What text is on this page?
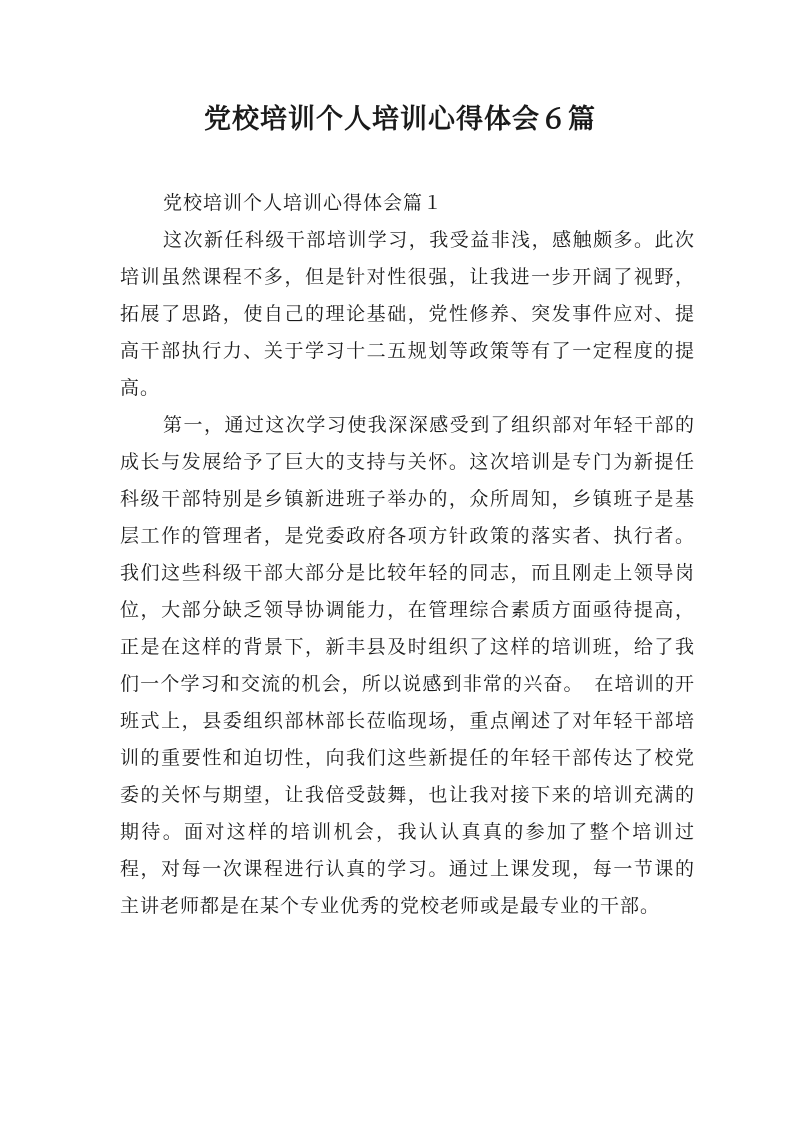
党校培训个人培训心得体会６篇

党校培训个人培训心得体会篇１

这次新任科级干部培训学习，我受益非浅，感触颇多。此次培训虽然课程不多，但是针对性很强，让我进一步开阔了视野，拓展了思路，使自己的理论基础，党性修养、突发事件应对、提高干部执行力、关于学习十二五规划等政策等有了一定程度的提高。

第一，通过这次学习使我深深感受到了组织部对年轻干部的成长与发展给予了巨大的支持与关怀。这次培训是专门为新提任科级干部特别是乡镇新进班子举办的，众所周知，乡镇班子是基层工作的管理者，是党委政府各项方针政策的落实者、执行者。我们这些科级干部大部分是比较年轻的同志，而且刚走上领导岗位，大部分缺乏领导协调能力，在管理综合素质方面亟待提高，正是在这样的背景下，新丰县及时组织了这样的培训班，给了我们一个学习和交流的机会，所以说感到非常的兴奋。　在培训的开班式上，县委组织部林部长莅临现场，重点阐述了对年轻干部培训的重要性和迫切性，向我们这些新提任的年轻干部传达了校党委的关怀与期望，让我倍受鼓舞，也让我对接下来的培训充满的期待。面对这样的培训机会，我认认真真的参加了整个培训过程，对每一次课程进行认真的学习。通过上课发现，每一节课的主讲老师都是在某个专业优秀的党校老师或是最专业的干部。
